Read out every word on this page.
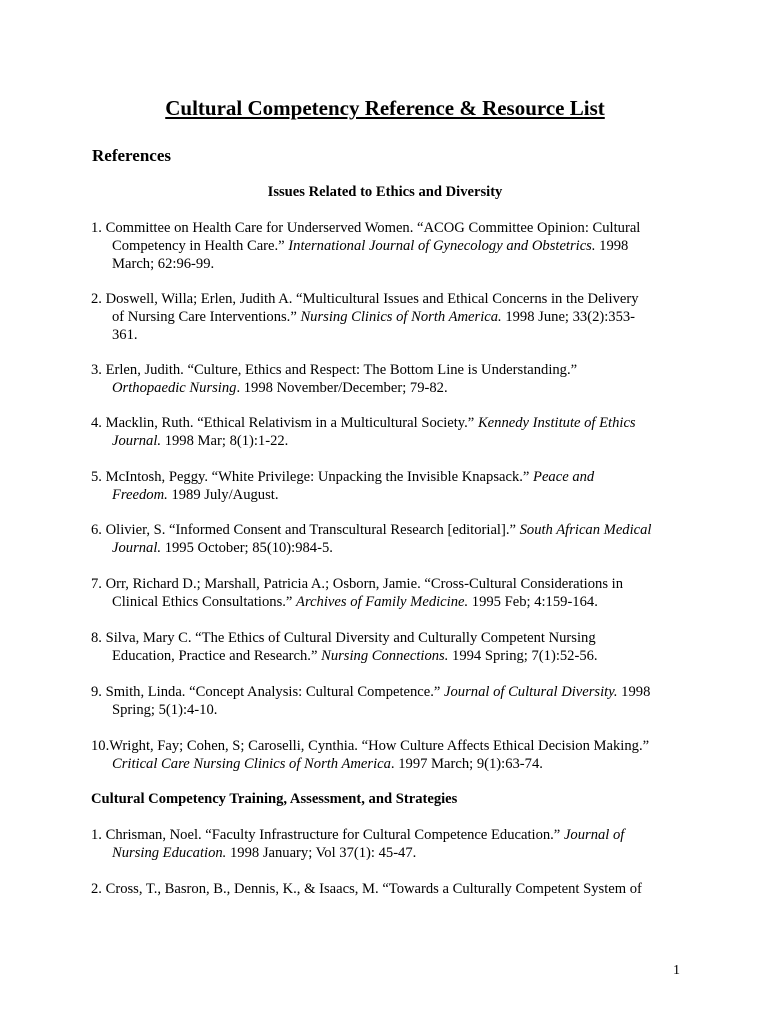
Cultural Competency Reference & Resource List
References
Issues Related to Ethics and Diversity
1. Committee on Health Care for Underserved Women. “ACOG Committee Opinion: Cultural
Competency in Health Care.” International Journal of Gynecology and Obstetrics. 1998
March; 62:96-99.
2. Doswell, Willa; Erlen, Judith A. “Multicultural Issues and Ethical Concerns in the Delivery
of Nursing Care Interventions.” Nursing Clinics of North America. 1998 June; 33(2):353-
361.
3. Erlen, Judith. “Culture, Ethics and Respect: The Bottom Line is Understanding.”
Orthopaedic Nursing. 1998 November/December; 79-82.
4. Macklin, Ruth. “Ethical Relativism in a Multicultural Society.” Kennedy Institute of Ethics
Journal. 1998 Mar; 8(1):1-22.
5. McIntosh, Peggy. “White Privilege: Unpacking the Invisible Knapsack.” Peace and
Freedom. 1989 July/August.
6. Olivier, S. “Informed Consent and Transcultural Research [editorial].” South African Medical
Journal. 1995 October; 85(10):984-5.
7. Orr, Richard D.; Marshall, Patricia A.; Osborn, Jamie. “Cross-Cultural Considerations in
Clinical Ethics Consultations.” Archives of Family Medicine. 1995 Feb; 4:159-164.
8. Silva, Mary C. “The Ethics of Cultural Diversity and Culturally Competent Nursing
Education, Practice and Research.” Nursing Connections. 1994 Spring; 7(1):52-56.
9. Smith, Linda. “Concept Analysis: Cultural Competence.” Journal of Cultural Diversity. 1998
Spring; 5(1):4-10.
10.Wright, Fay; Cohen, S; Caroselli, Cynthia. “How Culture Affects Ethical Decision Making.”
Critical Care Nursing Clinics of North America. 1997 March; 9(1):63-74.
Cultural Competency Training, Assessment, and Strategies
1. Chrisman, Noel. “Faculty Infrastructure for Cultural Competence Education.” Journal of
Nursing Education. 1998 January; Vol 37(1): 45-47.
2. Cross, T., Basron, B., Dennis, K., & Isaacs, M. “Towards a Culturally Competent System of
1
